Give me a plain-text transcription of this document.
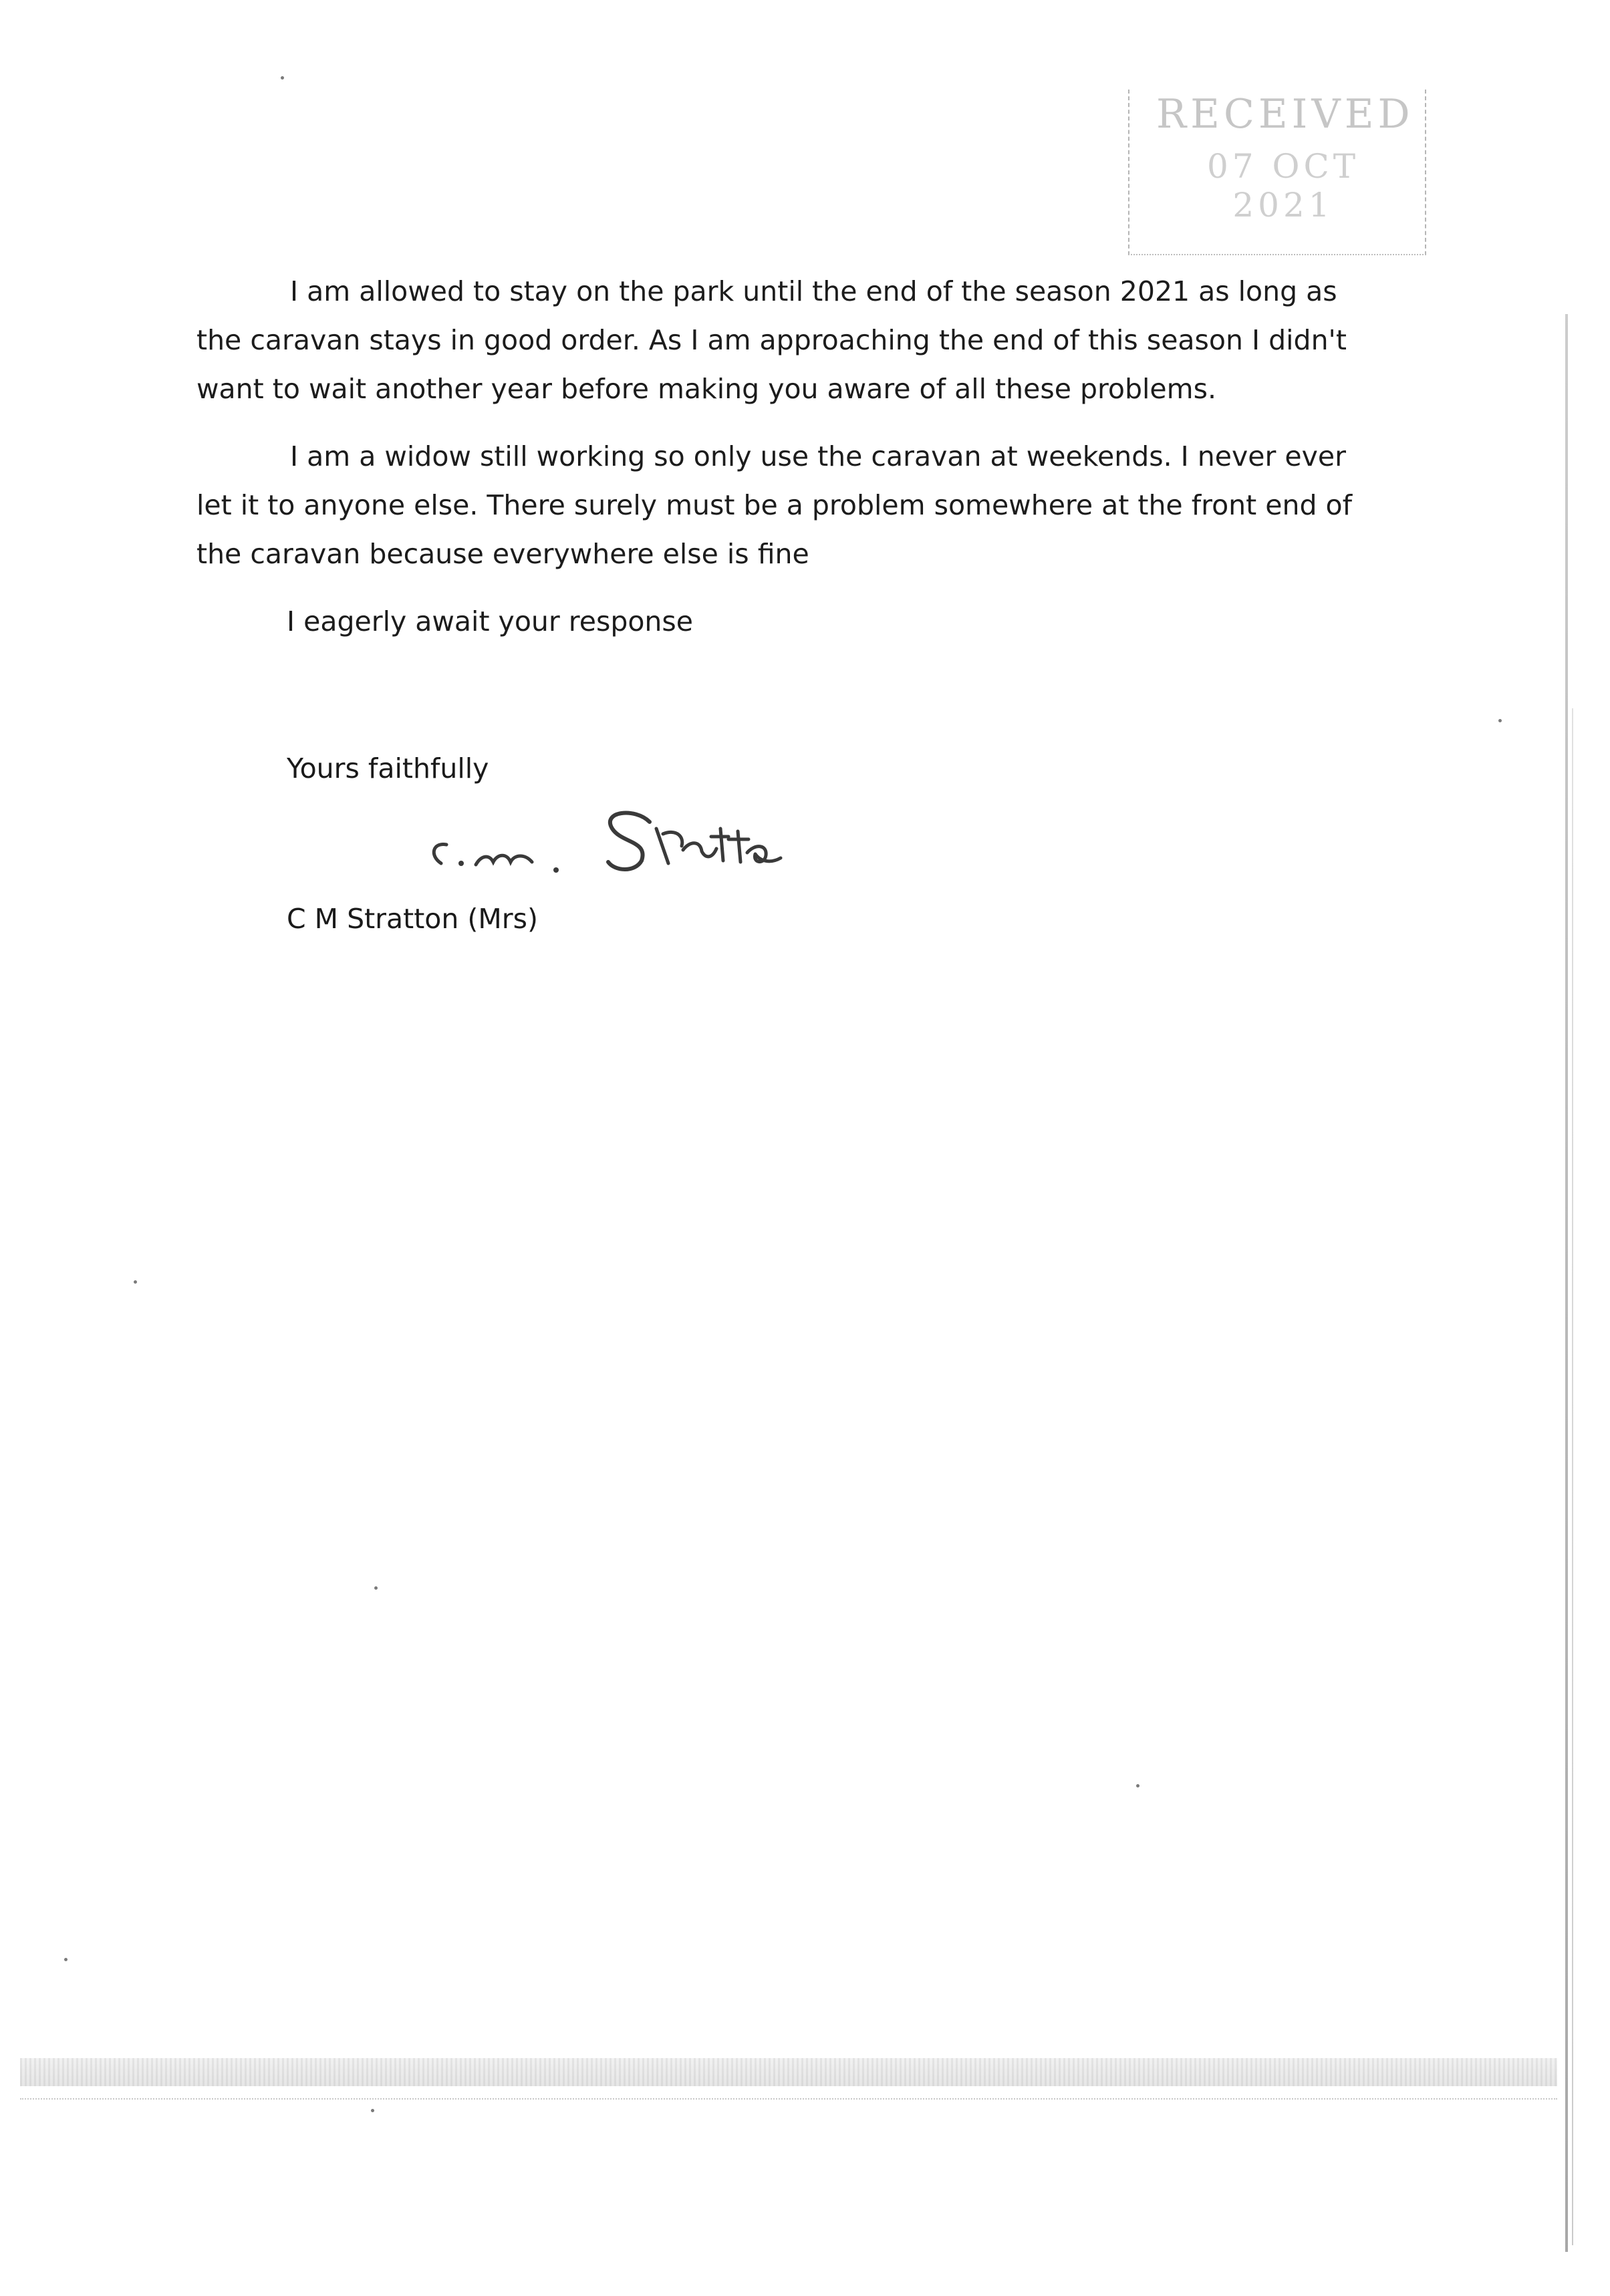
RECEIVED
07 OCT 2021

I am allowed to stay on the park until the end of the season 2021 as long as the caravan stays in good order. As I am approaching the end of this season I didn't want to wait another year before making you aware of all these problems.

I am a widow still working so only use the caravan at weekends. I never ever let it to anyone else. There surely must be a problem somewhere at the front end of the caravan because everywhere else is fine

I eagerly await your response

Yours faithfully
C M Stratton (Mrs)
